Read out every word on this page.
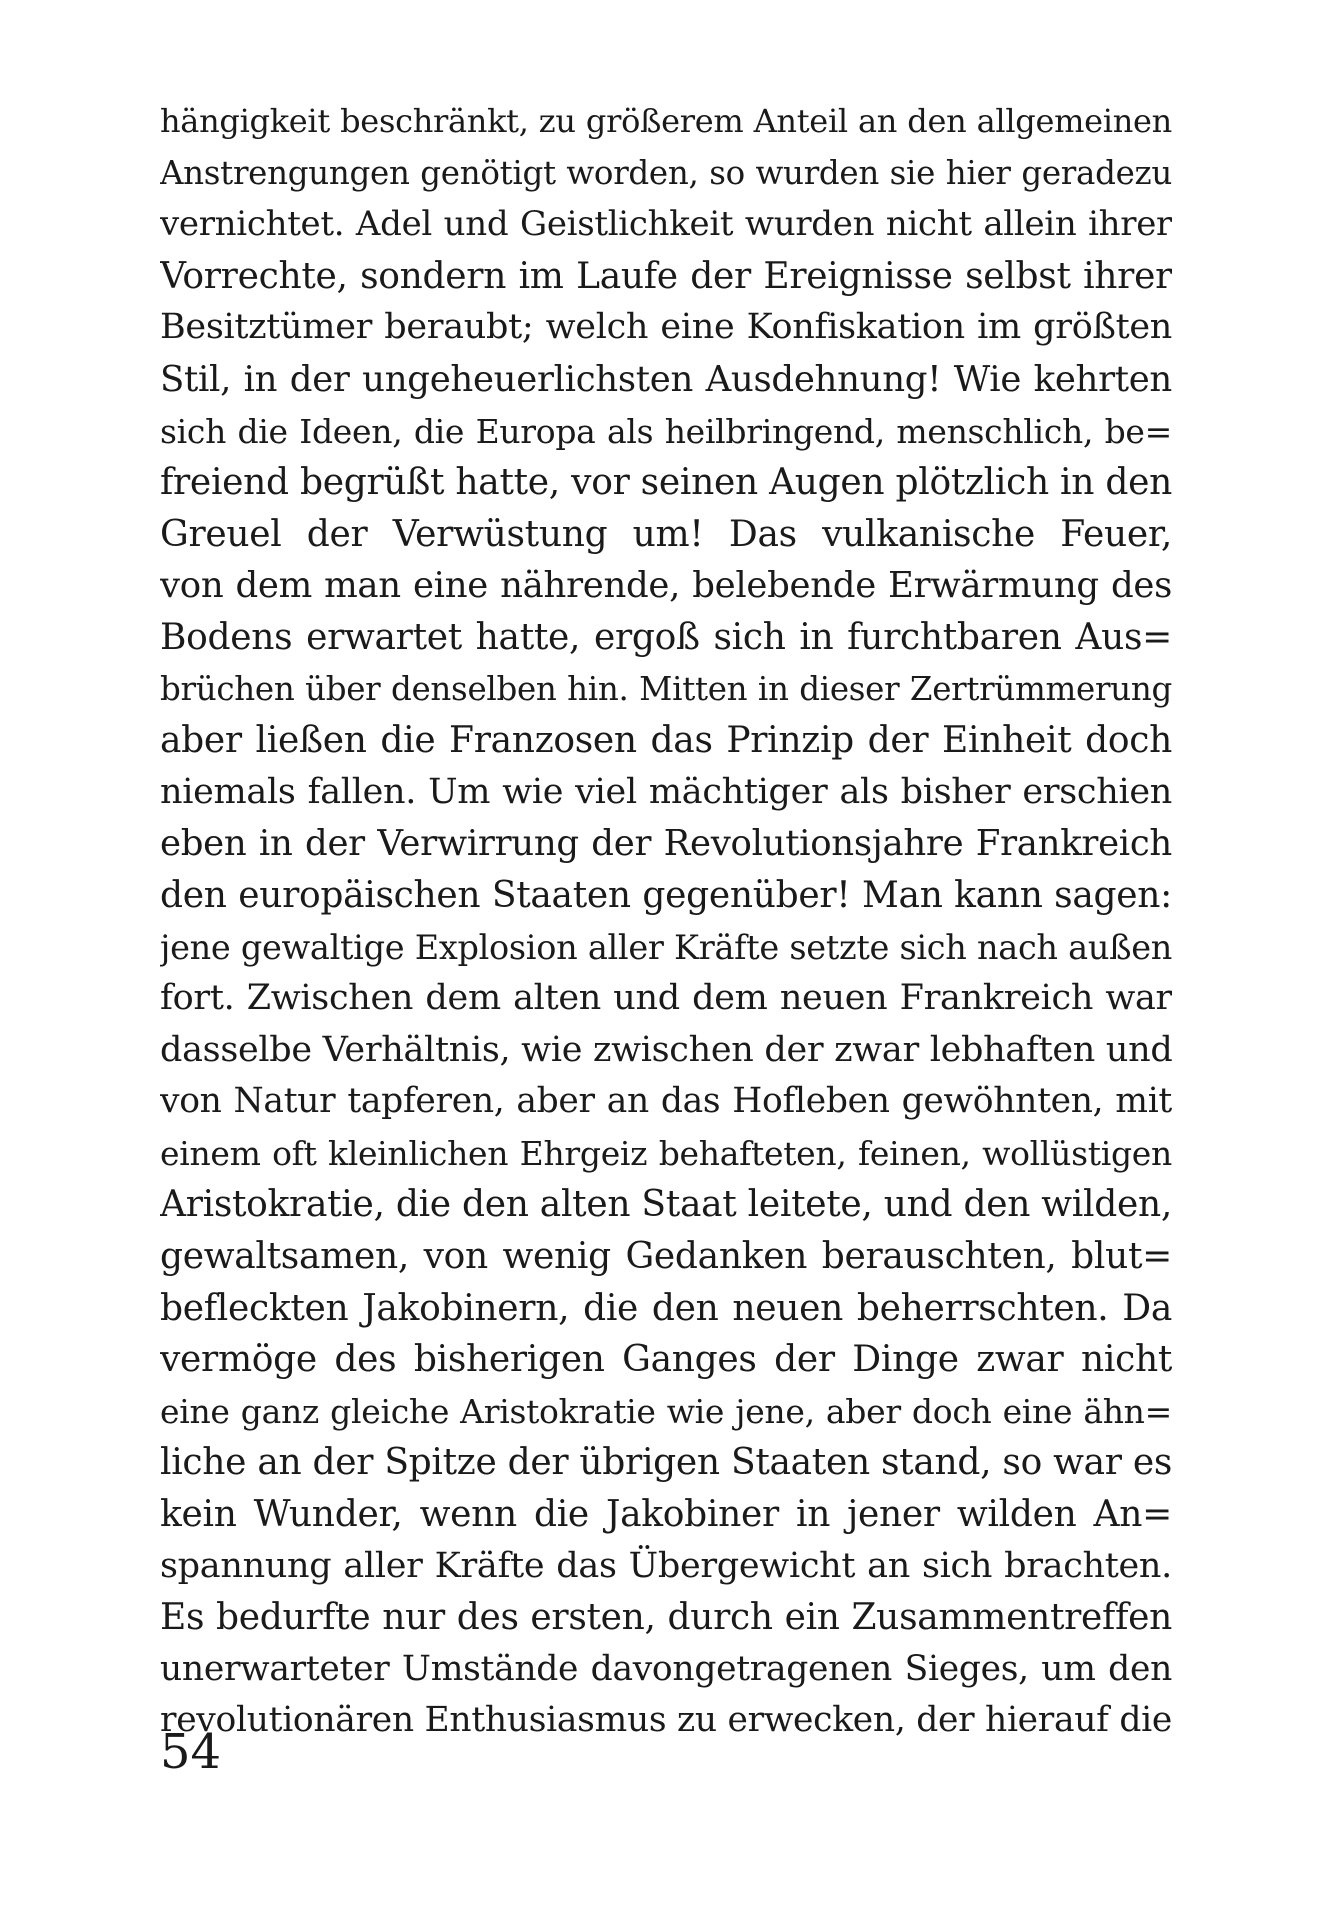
hängigkeit beschränkt, zu größerem Anteil an den allgemeinen
Anstrengungen genötigt worden, so wurden sie hier geradezu
vernichtet. Adel und Geistlichkeit wurden nicht allein ihrer
Vorrechte, sondern im Laufe der Ereignisse selbst ihrer
Besitztümer beraubt; welch eine Konfiskation im größten
Stil, in der ungeheuerlichsten Ausdehnung! Wie kehrten
sich die Ideen, die Europa als heilbringend, menschlich, be=
freiend begrüßt hatte, vor seinen Augen plötzlich in den
Greuel der Verwüstung um! Das vulkanische Feuer,
von dem man eine nährende, belebende Erwärmung des
Bodens erwartet hatte, ergoß sich in furchtbaren Aus=
brüchen über denselben hin. Mitten in dieser Zertrümmerung
aber ließen die Franzosen das Prinzip der Einheit doch
niemals fallen. Um wie viel mächtiger als bisher erschien
eben in der Verwirrung der Revolutionsjahre Frankreich
den europäischen Staaten gegenüber! Man kann sagen:
jene gewaltige Explosion aller Kräfte setzte sich nach außen
fort. Zwischen dem alten und dem neuen Frankreich war
dasselbe Verhältnis, wie zwischen der zwar lebhaften und
von Natur tapferen, aber an das Hofleben gewöhnten, mit
einem oft kleinlichen Ehrgeiz behafteten, feinen, wollüstigen
Aristokratie, die den alten Staat leitete, und den wilden,
gewaltsamen, von wenig Gedanken berauschten, blut=
befleckten Jakobinern, die den neuen beherrschten. Da
vermöge des bisherigen Ganges der Dinge zwar nicht
eine ganz gleiche Aristokratie wie jene, aber doch eine ähn=
liche an der Spitze der übrigen Staaten stand, so war es
kein Wunder, wenn die Jakobiner in jener wilden An=
spannung aller Kräfte das Übergewicht an sich brachten.
Es bedurfte nur des ersten, durch ein Zusammentreffen
unerwarteter Umstände davongetragenen Sieges, um den
revolutionären Enthusiasmus zu erwecken, der hierauf die
54
